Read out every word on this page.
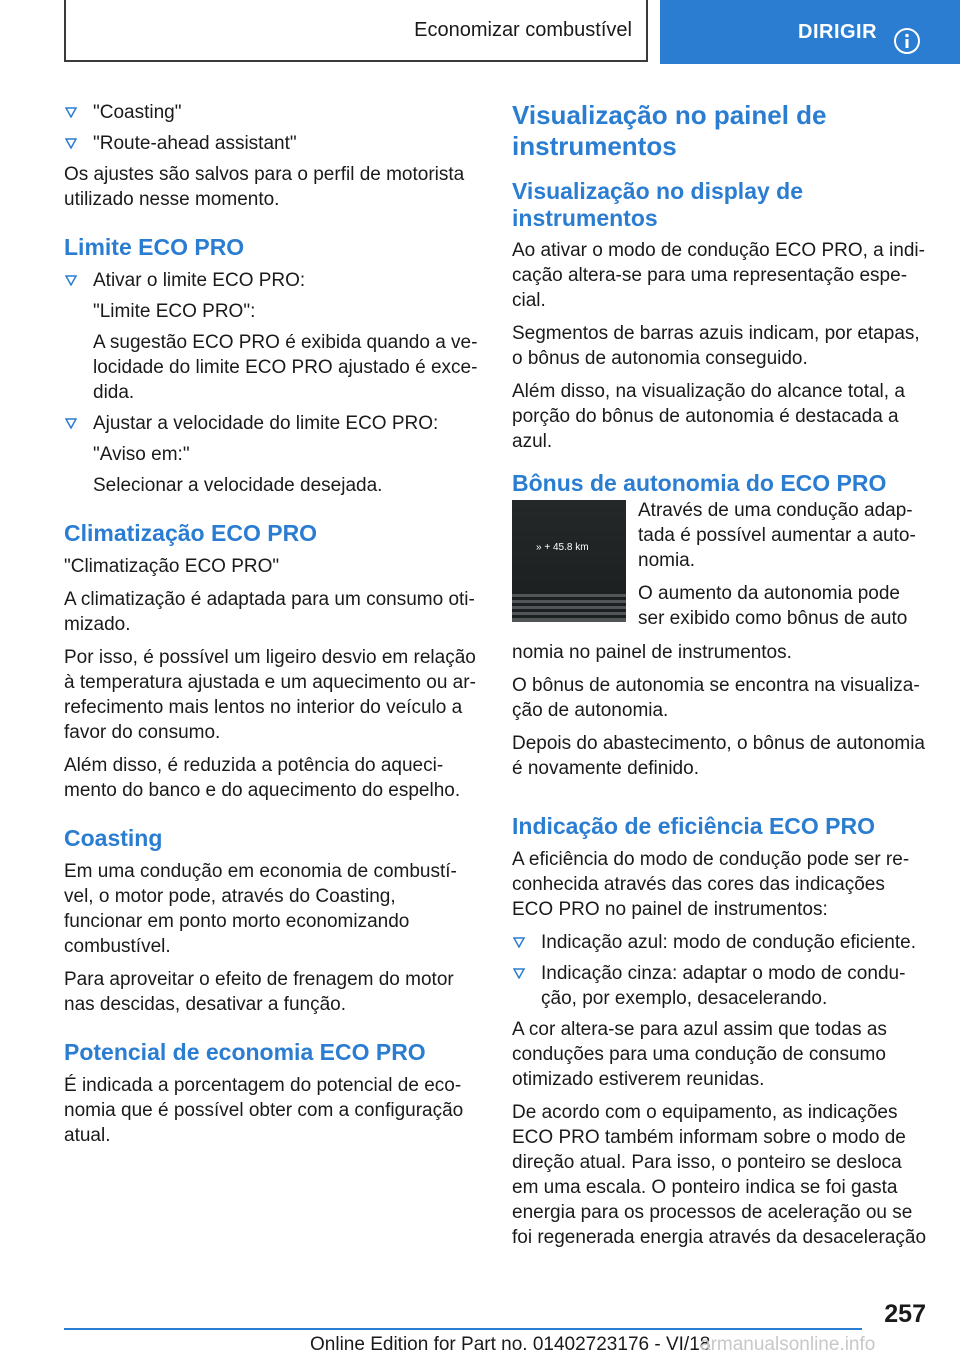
Economizar combustível	DIRIGIR
"Coasting"
"Route-ahead assistant"

Os ajustes são salvos para o perfil de motorista utilizado nesse momento.

Limite ECO PRO
Ativar o limite ECO PRO:

"Limite ECO PRO":

A sugestão ECO PRO é exibida quando a velocidade do limite ECO PRO ajustado é excedida.

Ajustar a velocidade do limite ECO PRO:

"Aviso em:"

Selecionar a velocidade desejada.

Climatização ECO PRO

"Climatização ECO PRO"

A climatização é adaptada para um consumo otimizado.

Por isso, é possível um ligeiro desvio em relação à temperatura ajustada e um aquecimento ou arrefecimento mais lentos no interior do veículo a favor do consumo.

Além disso, é reduzida a potência do aquecimento do banco e do aquecimento do espelho.

Coasting

Em uma condução em economia de combustível, o motor pode, através do Coasting, funcionar em ponto morto economizando combustível.

Para aproveitar o efeito de frenagem do motor nas descidas, desativar a função.

Potencial de economia ECO PRO

É indicada a porcentagem do potencial de economia que é possível obter com a configuração atual.

Visualização no painel de instrumentos
Visualização no display de instrumentos

Ao ativar o modo de condução ECO PRO, a indicação altera-se para uma representação especial.

Segmentos de barras azuis indicam, por etapas, o bônus de autonomia conseguido.

Além disso, na visualização do alcance total, a porção do bônus de autonomia é destacada a azul.

Bônus de autonomia do ECO PRO
» + 45.8 km

Através de uma condução adaptada é possível aumentar a autonomia.

O aumento da autonomia pode ser exibido como bônus de auto

nomia no painel de instrumentos.

O bônus de autonomia se encontra na visualização de autonomia.

Depois do abastecimento, o bônus de autonomia é novamente definido.

Indicação de eficiência ECO PRO

A eficiência do modo de condução pode ser reconhecida através das cores das indicações ECO PRO no painel de instrumentos:

Indicação azul: modo de condução eficiente.
Indicação cinza: adaptar o modo de condução, por exemplo, desacelerando.

A cor altera-se para azul assim que todas as conduções para uma condução de consumo otimizado estiverem reunidas.

De acordo com o equipamento, as indicações ECO PRO também informam sobre o modo de direção atual. Para isso, o ponteiro se desloca em uma escala. O ponteiro indica se foi gasta energia para os processos de aceleração ou se foi regenerada energia através da desaceleração

257
Online Edition for Part no. 01402723176 - VI/18
armanualsonline.info
